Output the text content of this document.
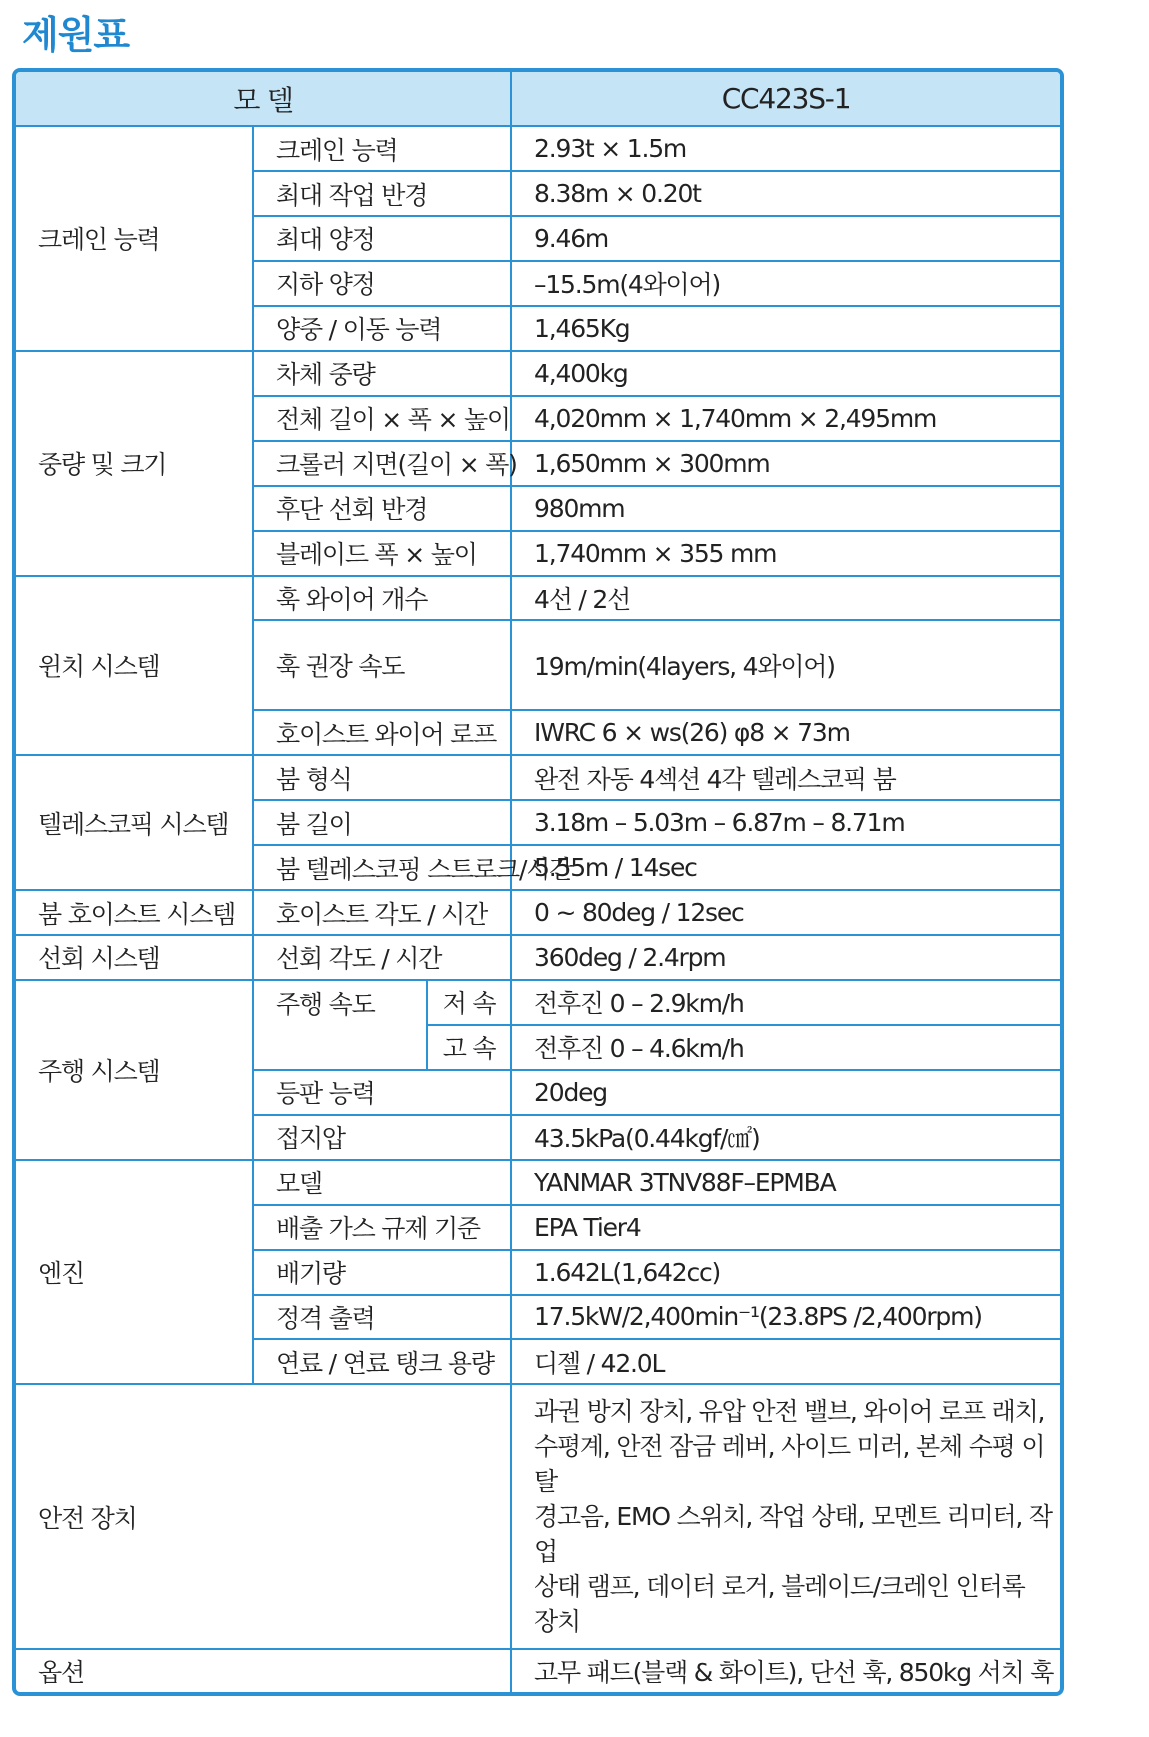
제원표
모 델			CC423S-1
크레인 능력	크레인 능력		2.93t × 1.5m
	최대 작업 반경		8.38m × 0.20t
	최대 양정		9.46m
	지하 양정		–15.5m(4와이어)
	양중 / 이동 능력		1,465Kg
중량 및 크기	차체 중량		4,400kg
	전체 길이 × 폭 × 높이		4,020mm × 1,740mm × 2,495mm
	크롤러 지면(길이 × 폭)		1,650mm × 300mm
	후단 선회 반경		980mm
	블레이드 폭 × 높이		1,740mm × 355 mm
윈치 시스템	훅 와이어 개수		4선 / 2선
	훅 권장 속도		19m/min(4layers, 4와이어)
	호이스트 와이어 로프		IWRC 6 × ws(26) φ8 × 73m
텔레스코픽 시스템	붐 형식		완전 자동 4섹션 4각 텔레스코픽 붐
	붐 길이		3.18m – 5.03m – 6.87m – 8.71m
	붐 텔레스코핑 스트로크/시간		5.55m / 14sec
붐 호이스트 시스템	호이스트 각도 / 시간		0 ~ 80deg / 12sec
선회 시스템	선회 각도 / 시간		360deg / 2.4rpm
주행 시스템	주행 속도	저 속	전후진 0 – 2.9km/h
		고 속	전후진 0 – 4.6km/h
	등판 능력		20deg
	접지압		43.5kPa(0.44kgf/㎠)
엔진	모델		YANMAR 3TNV88F–EPMBA
	배출 가스 규제 기준		EPA Tier4
	배기량		1.642L(1,642cc)
	정격 출력		17.5kW/2,400min⁻¹(23.8PS /2,400rpm)
	연료 / 연료 탱크 용량		디젤 / 42.0L
안전 장치			과권 방지 장치, 유압 안전 밸브, 와이어 로프 래치,
수평계, 안전 잠금 레버, 사이드 미러, 본체 수평 이탈
경고음, EMO 스위치, 작업 상태, 모멘트 리미터, 작업
상태 램프, 데이터 로거, 블레이드/크레인 인터록 장치

옵션			고무 패드(블랙 & 화이트), 단선 훅, 850kg 서치 훅
